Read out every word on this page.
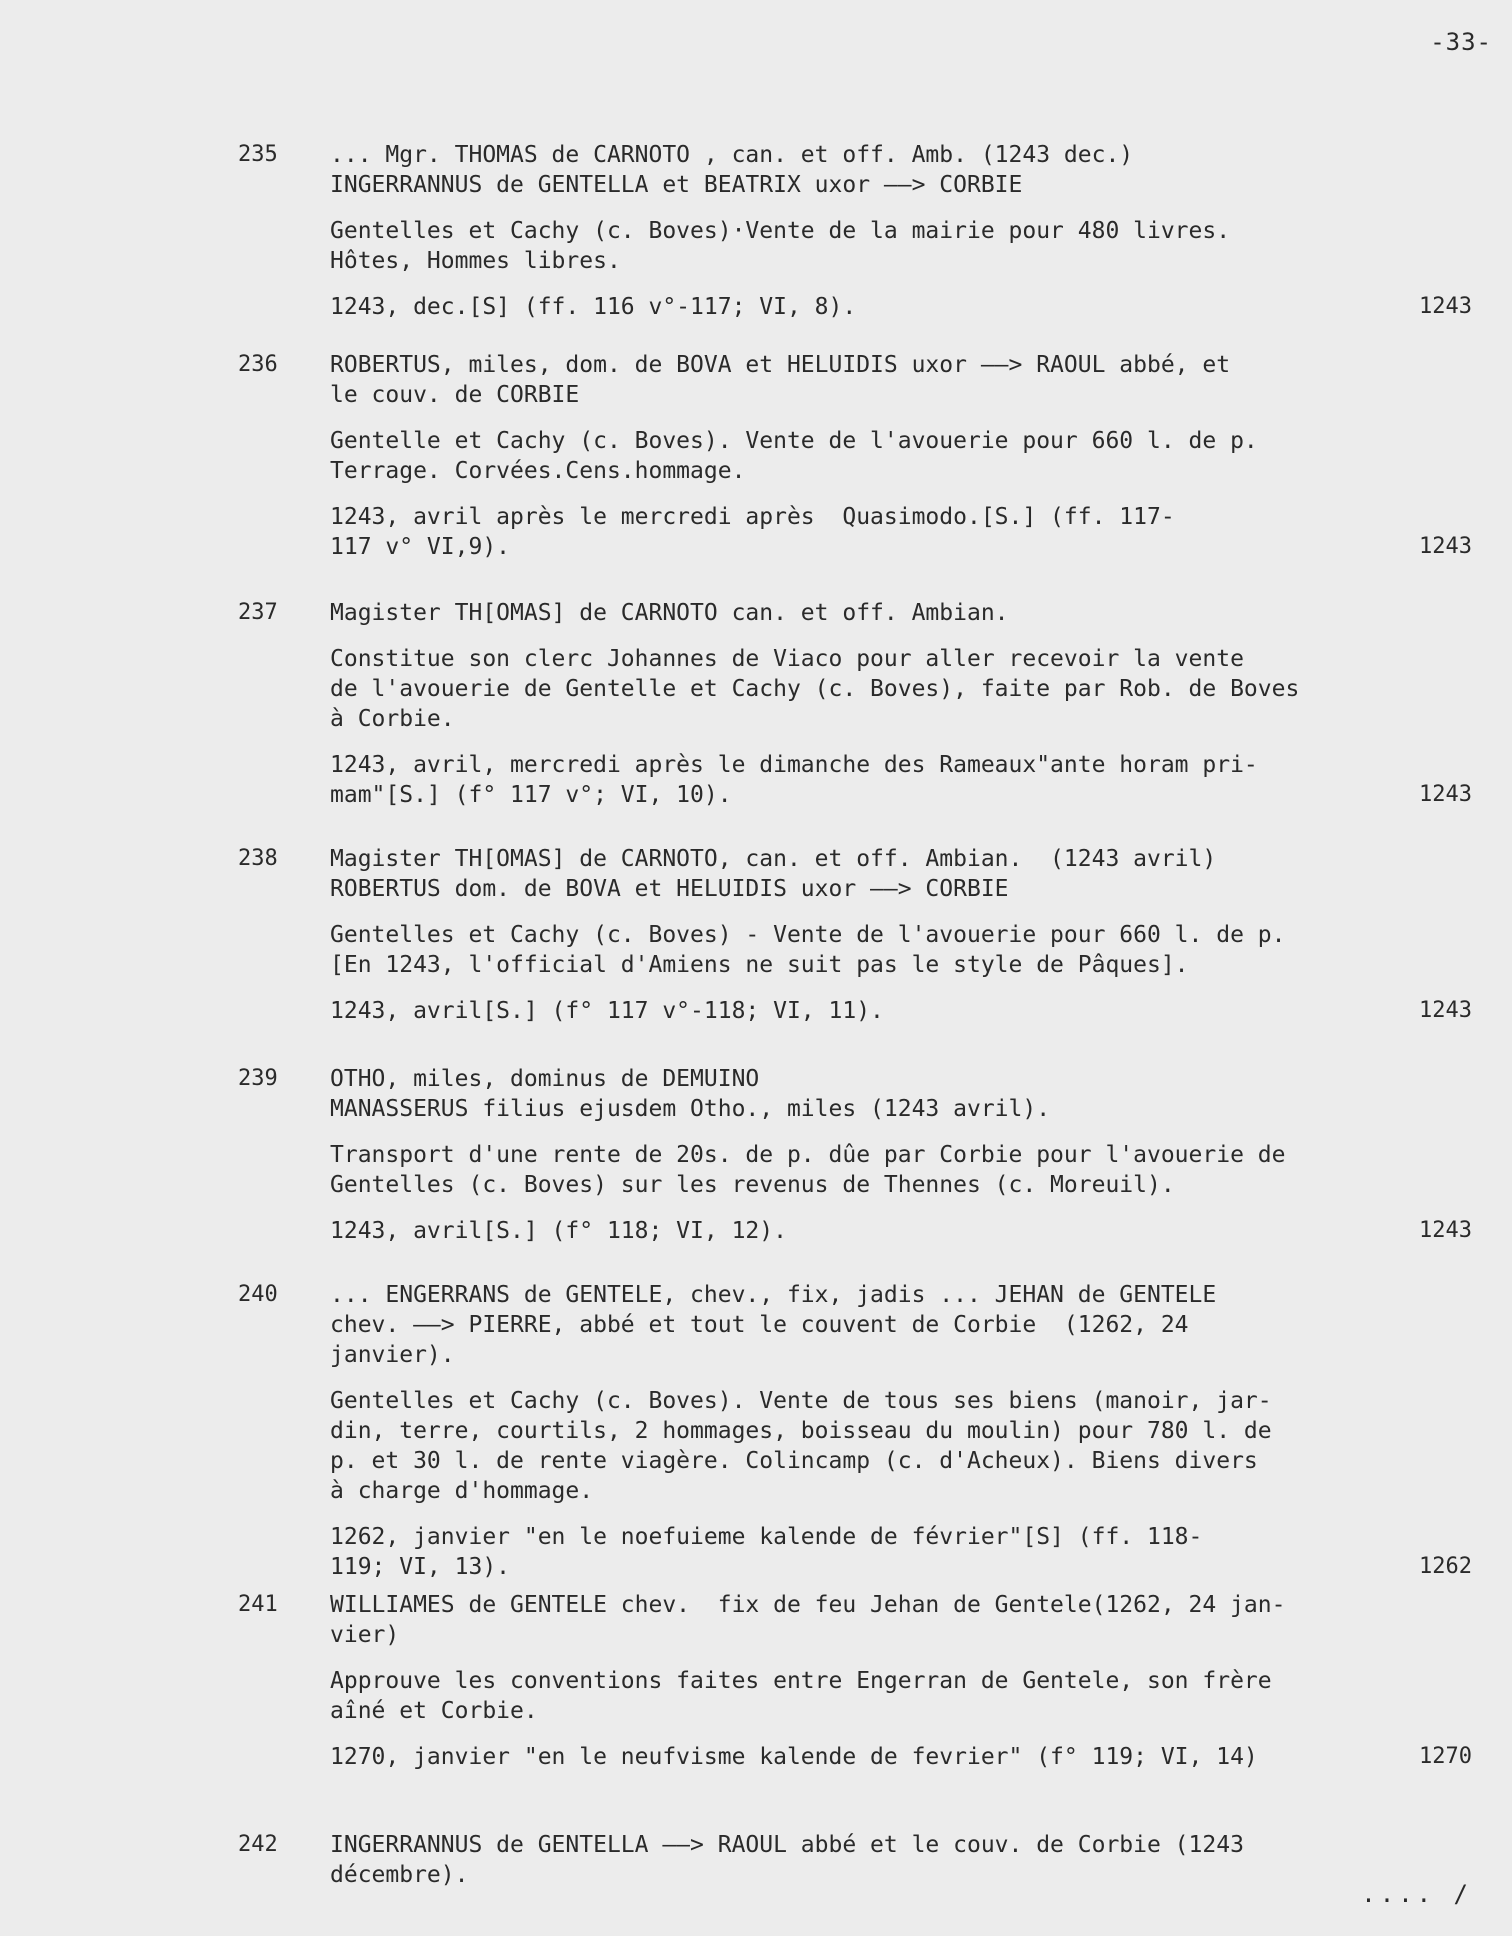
-33-
235 ... Mgr. THOMAS de CARNOTO , can. et off. Amb. (1243 dec.)

INGERRANNUS de GENTELLA et BEATRIX uxor ——> CORBIE

Gentelles et Cachy (c. Boves)·Vente de la mairie pour 480 livres.

Hôtes, Hommes libres.

1243, dec.[S] (ff. 116 v°-117; VI, 8).	1243
236 ROBERTUS, miles, dom. de BOVA et HELUIDIS uxor ——> RAOUL abbé, et

le couv. de CORBIE

Gentelle et Cachy (c. Boves). Vente de l'avouerie pour 660 l. de p.

Terrage. Corvées.Cens.hommage.

1243, avril après le mercredi après  Quasimodo.[S.] (ff. 117-

117 v° VI,9).	1243
237 Magister TH[OMAS] de CARNOTO can. et off. Ambian.

Constitue son clerc Johannes de Viaco pour aller recevoir la vente

de l'avouerie de Gentelle et Cachy (c. Boves), faite par Rob. de Boves

à Corbie.

1243, avril, mercredi après le dimanche des Rameaux"ante horam pri-

mam"[S.] (f° 117 v°; VI, 10).	1243
238 Magister TH[OMAS] de CARNOTO, can. et off. Ambian.  (1243 avril)

ROBERTUS dom. de BOVA et HELUIDIS uxor ——> CORBIE

Gentelles et Cachy (c. Boves) - Vente de l'avouerie pour 660 l. de p.

[En 1243, l'official d'Amiens ne suit pas le style de Pâques].

1243, avril[S.] (f° 117 v°-118; VI, 11).	1243
239 OTHO, miles, dominus de DEMUINO

MANASSERUS filius ejusdem Otho., miles (1243 avril).

Transport d'une rente de 20s. de p. dûe par Corbie pour l'avouerie de

Gentelles (c. Boves) sur les revenus de Thennes (c. Moreuil).

1243, avril[S.] (f° 118; VI, 12).	1243
240 ... ENGERRANS de GENTELE, chev., fix, jadis ... JEHAN de GENTELE

chev. ——> PIERRE, abbé et tout le couvent de Corbie  (1262, 24

janvier).

Gentelles et Cachy (c. Boves). Vente de tous ses biens (manoir, jar-

din, terre, courtils, 2 hommages, boisseau du moulin) pour 780 l. de

p. et 30 l. de rente viagère. Colincamp (c. d'Acheux). Biens divers

à charge d'hommage.

1262, janvier "en le noefuieme kalende de février"[S] (ff. 118-

119; VI, 13).	1262
241 WILLIAMES de GENTELE chev.  fix de feu Jehan de Gentele(1262, 24 jan-

vier)

Approuve les conventions faites entre Engerran de Gentele, son frère

aîné et Corbie.

1270, janvier "en le neufvisme kalende de fevrier" (f° 119; VI, 14)	1270
242 INGERRANNUS de GENTELLA ——> RAOUL abbé et le couv. de Corbie (1243

décembre).

.... /
